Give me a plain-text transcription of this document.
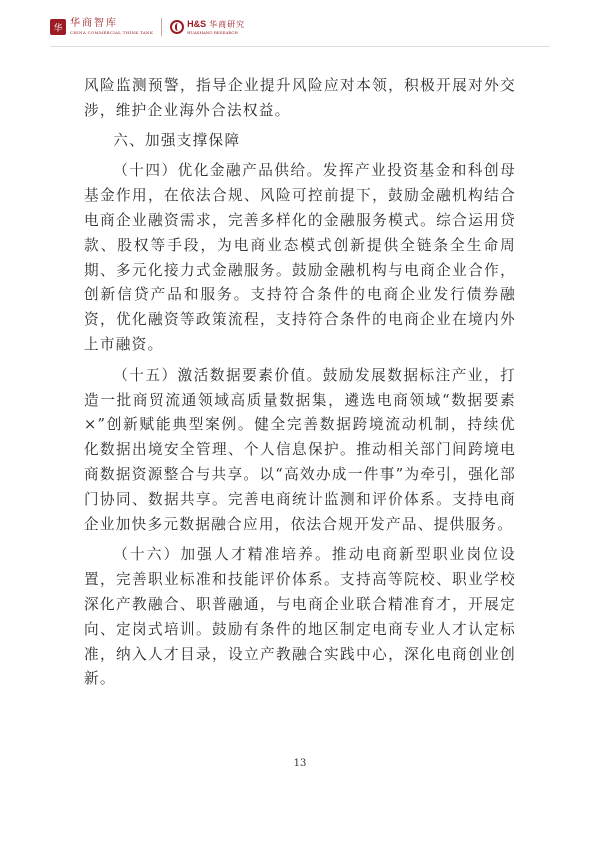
华 华商智库
CHINA COMMERCIAL THINK TANK
H&S 华商研究
HUASHANG RESEARCH

风险监测预警，指导企业提升风险应对本领，积极开展对外交涉，维护企业海外合法权益。

六、加强支撑保障

（十四）优化金融产品供给。发挥产业投资基金和科创母基金作用，在依法合规、风险可控前提下，鼓励金融机构结合电商企业融资需求，完善多样化的金融服务模式。综合运用贷款、股权等手段，为电商业态模式创新提供全链条全生命周期、多元化接力式金融服务。鼓励金融机构与电商企业合作，创新信贷产品和服务。支持符合条件的电商企业发行债券融资，优化融资等政策流程，支持符合条件的电商企业在境内外上市融资。

（十五）激活数据要素价值。鼓励发展数据标注产业，打造一批商贸流通领域高质量数据集，遴选电商领域“数据要素×”创新赋能典型案例。健全完善数据跨境流动机制，持续优化数据出境安全管理、个人信息保护。推动相关部门间跨境电商数据资源整合与共享。以“高效办成一件事”为牵引，强化部门协同、数据共享。完善电商统计监测和评价体系。支持电商企业加快多元数据融合应用，依法合规开发产品、提供服务。

（十六）加强人才精准培养。推动电商新型职业岗位设置，完善职业标准和技能评价体系。支持高等院校、职业学校深化产教融合、职普融通，与电商企业联合精准育才，开展定向、定岗式培训。鼓励有条件的地区制定电商专业人才认定标准，纳入人才目录，设立产教融合实践中心，深化电商创业创新。

13
